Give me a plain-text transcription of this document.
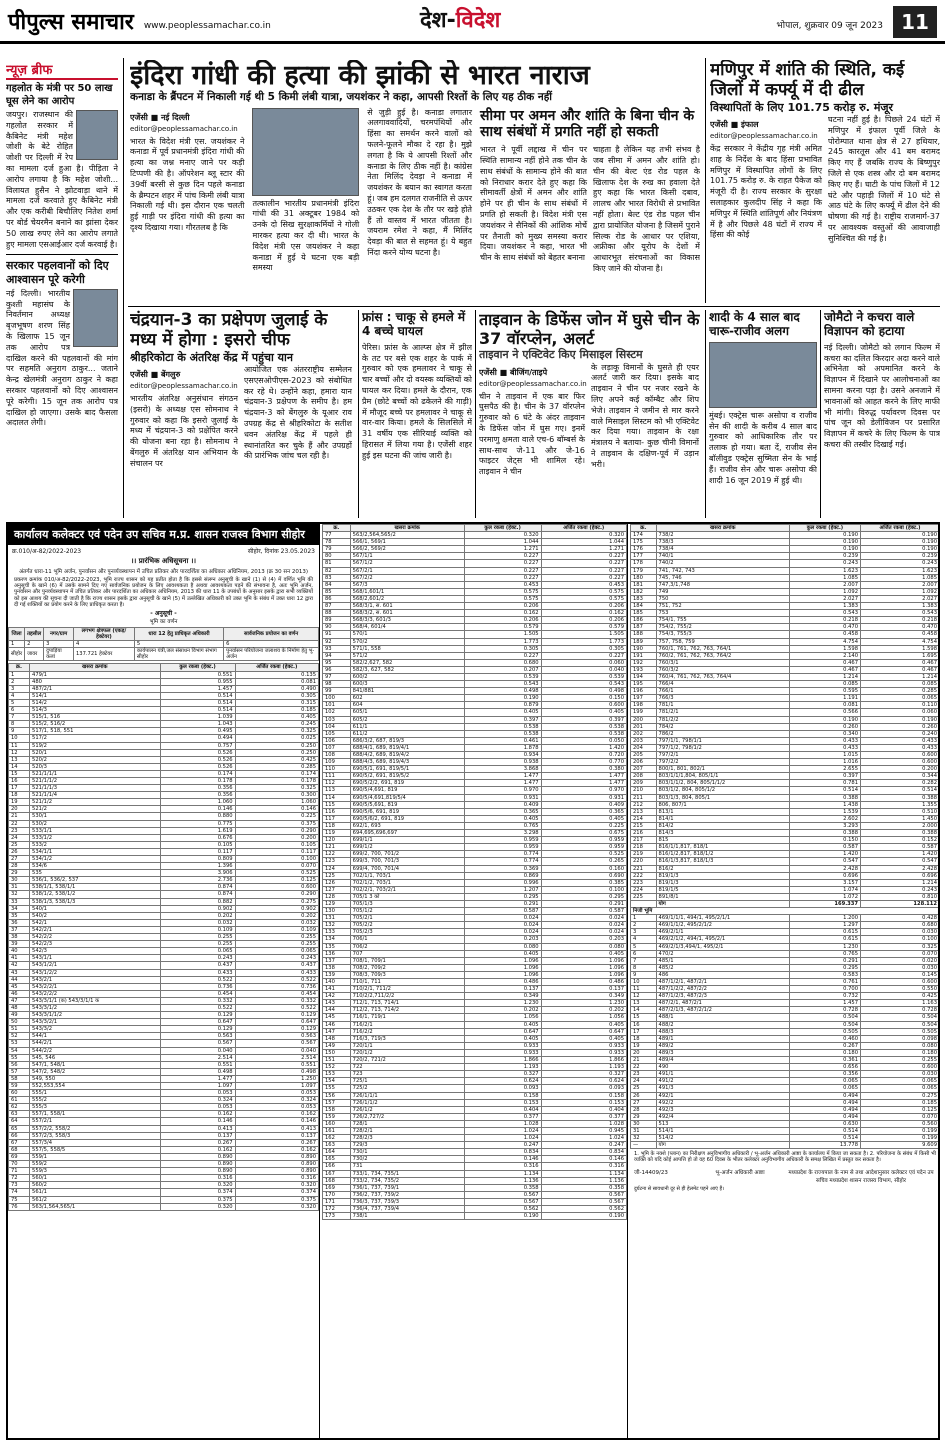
पीपुल्स समाचार www.peoplessamachar.co.in	देश-विदेश	भोपाल, शुक्रवार 09 जून 2023 11
न्यूज़ ब्रीफ
गहलोत के मंत्री पर 50 लाख घूस लेने का आरोप
जयपुर। राजस्थान की गहलोत सरकार में कैबिनेट मंत्री महेश जोशी के बेटे रोहित जोशी पर दिल्ली में रेप का मामला दर्ज हुआ है। पीड़िता ने आरोप लगाया है कि महेश जोशी... विलायत हुसैन ने झोटवाड़ा थाने में मामला दर्ज करवाते हुए कैबिनेट मंत्री और एक करीबी बिचौलिए नितेश शर्मा पर बोर्ड चेयरमैन बनाने का झांसा देकर 50 लाख रुपए लेने का आरोप लगाते हुए मामला एसआईआर दर्ज करवाई है।
सरकार पहलवानों को दिए आश्वासन पूरे करेगी
नई दिल्ली। भारतीय कुश्ती महासंघ के निवर्तमान अध्यक्ष बृजभूषण शरण सिंह के खिलाफ 15 जून तक आरोप पत्र दाखिल करने की पहलवानों की मांग पर सहमति अनुराग ठाकुर... जताने केन्द्र खेलमंत्री अनुराग ठाकुर ने कहा सरकार पहलवानों को दिए आश्वासन पूरे करेगी। 15 जून तक आरोप पत्र दाखिल हो जाएगा। उसके बाद फैसला अदालत लेगी।
इंदिरा गांधी की हत्या की झांकी से भारत नाराज
कनाडा के ब्रैंपटन में निकाली गई थी 5 किमी लंबी यात्रा, जयशंकर ने कहा, आपसी रिश्तों के लिए यह ठीक नहीं
एजेंसी ■ नई दिल्ली
editor@peoplessamachar.co.in
भारत के विदेश मंत्री एस. जयशंकर ने कनाडा में पूर्व प्रधानमंत्री इंदिरा गांधी की हत्या का जश्न मनाए जाने पर कड़ी टिप्पणी की है। ऑपरेशन ब्लू स्टार की 39वीं बरसी से कुछ दिन पहले कनाडा के ब्रैम्पटन शहर में पांच किमी लंबी यात्रा निकाली गई थी। इस दौरान एक चलती हुई गाड़ी पर इंदिरा गांधी की हत्या का दृश्य दिखाया गया। गौरतलब है कि
तत्कालीन भारतीय प्रधानमंत्री इंदिरा गांधी की 31 अक्टूबर 1984 को उनके दो सिख सुरक्षाकर्मियों ने गोली मारकर हत्या कर दी थी। भारत के विदेश मंत्री एस जयशंकर ने कहा कनाडा में हुई ये घटना एक बड़ी समस्या
से जुड़ी हुई है। कनाडा लगातार अलगाववादियों, चरमपंथियों और हिंसा का समर्थन करने वालों को फलने-फूलने मौका दे रहा है। मुझे लगता है कि ये आपसी रिश्तों और कनाडा के लिए ठीक नहीं है। कांग्रेस नेता मिलिंद देवड़ा ने कनाडा में जयशंकर के बयान का स्वागत करता हूं। जब हम दलगत राजनीति से ऊपर उठकर एक देश के तौर पर खड़े होते हैं तो वास्तव में भारत जीतता है। जयराम रमेश ने कहा, मैं मिलिंद देवड़ा की बात से सहमत हूं। ये बहुत निंदा करने योग्य घटना है।
सीमा पर अमन और शांति के बिना चीन के साथ संबंधों में प्रगति नहीं हो सकती
भारत ने पूर्वी लद्दाख में चीन पर स्थिति सामान्य नहीं होने तक चीन के साथ संबंधों के सामान्य होने की बात को निराधार करार देते हुए कहा कि सीमावर्ती क्षेत्रों में अमन और शांति होने पर ही चीन के साथ संबंधों में प्रगति हो सकती है। विदेश मंत्री एस जयशंकर ने सैनिकों की आंशिक मोर्चे पर तैनाती को मुख्य समस्या करार दिया। जयशंकर ने कहा, भारत भी चीन के साथ संबंधों को बेहतर बनाना
चाहता है लेकिन यह तभी संभव है जब सीमा में अमन और शांति हो। चीन की बेल्ट एंड रोड पहल के खिलाफ देश के रुख का हवाला देते हुए कहा कि भारत किसी दबाव, लालच और भारत विरोधी से प्रभावित नहीं होता। बेल्ट एंड रोड पहल चीन द्वारा प्रायोजित योजना है जिसमें पुराने सिल्क रोड के आधार पर एशिया, अफ्रीका और यूरोप के देशों में आधारभूत संरचनाओं का विकास किए जाने की योजना है।
मणिपुर में शांति की स्थिति, कई जिलों में कर्फ्यू में दी ढील
विस्थापितों के लिए 101.75 करोड़ रु. मंजूर
एजेंसी ■ इंफाल
editor@peoplessamachar.co.in
केंद्र सरकार ने केंद्रीय गृह मंत्री अमित शाह के निर्देश के बाद हिंसा प्रभावित मणिपुर में विस्थापित लोगों के लिए 101.75 करोड़ रु. के राहत पैकेज को मंजूरी दी है। राज्य सरकार के सुरक्षा सलाहकार कुलदीप सिंह ने कहा कि मणिपुर में स्थिति शांतिपूर्ण और नियंत्रण में है और पिछले 48 घंटों में राज्य में हिंसा की कोई
घटना नहीं हुई है। पिछले 24 घंटों में मणिपुर में इंफाल पूर्वी जिले के पोरोम्पात थाना क्षेत्र से 27 हथियार, 245 कारतूस और 41 बम बरामद किए गए हैं जबकि राज्य के बिष्णुपुर जिले से एक शस्त्र और दो बम बरामद किए गए हैं। घाटी के पांच जिलों में 12 घंटे और पहाड़ी जिलों में 10 घंटे से आठ घंटे के लिए कर्फ्यू में ढील देने की घोषणा की गई है। राष्ट्रीय राजमार्ग-37 पर आवश्यक वस्तुओं की आवाजाही सुनिश्चित की गई है।
चंद्रयान-3 का प्रक्षेपण जुलाई के मध्य में होगा : इसरो चीफ
श्रीहरिकोटा के अंतरिक्ष केंद्र में पहुंचा यान
एजेंसी ■ बेंगलुरु
editor@peoplessamachar.co.in
भारतीय अंतरिक्ष अनुसंधान संगठन (इसरो) के अध्यक्ष एस सोमनाथ ने गुरुवार को कहा कि इसरो जुलाई के मध्य में चंद्रयान-3 को प्रक्षेपित करने की योजना बना रहा है। सोमनाथ ने बेंगलुरु में अंतरिक्ष यान अभियान के संचालन पर
आयोजित एक अंतरराष्ट्रीय सम्मेलन एसएसओपीएस-2023 को संबोधित कर रहे थे। उन्होंने कहा, हमारा यान चंद्रयान-3 प्रक्षेपण के समीप है। हम चंद्रयान-3 को बेंगलुरु के यूआर राव उपग्रह केंद्र से श्रीहरिकोटा के सतीश धवन अंतरिक्ष केंद्र में पहले ही स्थानांतरित कर चुके हैं और उपग्रहों की प्रारंभिक जांच चल रही है।
फ्रांस : चाकू से हमले में 4 बच्चे घायल
पेरिस। फ्रांस के आल्प्स क्षेत्र में झील के तट पर बसे एक शहर के पार्क में गुरुवार को एक हमलावर ने चाकू से चार बच्चों और दो वयस्क व्यक्तियों को घायल कर दिया। हमले के दौरान, एक प्रैम (छोटे बच्चों को ढकेलने की गाड़ी) में मौजूद बच्चे पर हमलावर ने चाकू से वार-वार किया। हमले के सिलसिले में 31 वर्षीय एक सीरियाई व्यक्ति को हिरासत में लिया गया है। एजेंसी शहर हुई इस घटना की जांच जारी है।
ताइवान के डिफेंस जोन में घुसे चीन के 37 वॉरप्लेन, अलर्ट
ताइवान ने एक्टिवेट किए मिसाइल सिस्टम
एजेंसी ■ बीजिंग/ताइपे
editor@peoplessamachar.co.in
चीन ने ताइवान में एक बार फिर घुसपैठ की है। चीन के 37 वॉरप्लेन गुरुवार को 6 घंटे के अंदर ताइवान के डिफेंस जोन में घुस गए। इनमें परमाणु क्षमता वाले एच-6 बॉम्बर्स के साथ-साथ जे-11 और जे-16 फाइटर जेट्स भी शामिल रहे। ताइवान ने चीन
के लड़ाकू विमानों के घुसते ही एयर अलर्ट जारी कर दिया। इसके बाद ताइवान ने चीन पर नजर रखने के लिए अपने कई कॉम्बैट और शिप भेजे। ताइवान ने जमीन से मार करने वाले मिसाइल सिस्टम को भी एक्टिवेट कर दिया गया। ताइवान के रक्षा मंत्रालय ने बताया- कुछ चीनी विमानों ने ताइवान के दक्षिण-पूर्व में उड़ान भरी।
शादी के 4 साल बाद चारू-राजीव अलग
मुंबई। एक्ट्रेस चारू असोपा व राजीव सेन की शादी के करीब 4 साल बाद गुरुवार को आधिकारिक तौर पर तलाक हो गया। बता दें, राजीव सेन बॉलीवुड एक्ट्रेस सुष्मिता सेन के भाई हैं। राजीव सेन और चारू असोपा की शादी 16 जून 2019 में हुई थी।
जोमैटो ने कचरा वाले विज्ञापन को हटाया
नई दिल्ली। जोमैटो को लगान फिल्म में कचरा का दलित किरदार अदा करने वाले अभिनेता को अपमानित करने के विज्ञापन में दिखाने पर आलोचनाओं का सामना करना पड़ा है। उसने अनजाने में भावनाओं को आहत करने के लिए माफी भी मांगी। विरुद्ध पर्यावरण दिवस पर पांच जून को डेलीविजन पर प्रसारित विज्ञापन में कचरे के लिए फिल्म के पात्र कचरा की तस्वीर दिखाई गई।
कार्यालय कलेक्टर एवं पदेन उप सचिव म.प्र. शासन राजस्व विभाग सीहोर
क्र.010/अ-82/2022-2023	सीहोर, दिनांक 23.05.2023
।। प्रारंभिक अधिसूचना ।।
अंतर्गत धारा-11 भूमि अर्जन, पुनर्वासन और पुनर्व्यवस्थापन में उचित प्रतिकर और पारदर्शिता का अधिकार अधिनियम, 2013 (क्र 30 सन 2013)
प्रकरण क्रमांक 010/अ-82/2022-2023, भूमि राज्य शासन को यह प्रतीत होता है कि इससे संलग्न अनुसूची के खाने (1) से (4) में वर्णित भूमि की अनुसूची के खाने (6) में उसके सामने दिए गए सार्वजनिक प्रयोजन के लिए आवश्यकता है अथवा आवश्यकता पड़ने की संभावना है, अतः भूमि अर्जन, पुनर्वासन और पुनर्व्यवस्थापन में उचित प्रतिकर और पारदर्शिता का अधिकार अधिनियम, 2013 की धारा 11 के उपबंधों के अनुसार इसके द्वारा सभी व्यक्तियों को इस आशय की सूचना दी जाती है कि राज्य शासन इसके द्वारा अनुसूची के खाने (5) में उल्लेखित अधिकारी को उक्त भूमि के संबंध में उक्त धारा 12 द्वारा दी गई शक्तियों का प्रयोग करने के लिए प्राधिकृत करता है।
- अनुसूची -
भूमि का वर्णन
जिला	तहसील	नगर/ग्राम	लगभग क्षेत्रफल (एकड़/हेक्टेयर)	धारा 12 हेतु प्राधिकृत अधिकारी	सार्वजनिक प्रयोजन का वर्णन
1	2	3	4	5	6
सीहोर	जावर	दुपाड़िया कलां	137.721 हेक्टेयर	कार्यपालन यंत्री,जल संसाधन विभाग संभाग सीहोर	पुनर्वासन परियोजना जलाशय के निर्माण हेतु भू-अर्जन
क्र.	खसरा क्रमांक	कुल रकबा (हेक्ट.)	अर्जित रकबा (हेक्ट.)
1	479/1	0.551	0.135
2	480	0.955	0.081
3	487/2/1	1.457	0.490
4	514/1	0.514	0.305
5	514/2	0.514	0.315
6	514/3	0.514	0.185
7	515/1, 516	1.039	0.405
8	515/2, 516/2	1.043	0.245
9	517/1, 518, 551	0.495	0.325
10	517/2	0.494	0.025
11	519/2	0.757	0.250
12	520/1	0.526	0.250
13	520/2	0.526	0.425
14	520/3	0.526	0.285
15	521/1/1/1	0.174	0.174
16	521/1/1/2	0.178	0.178
17	521/1/1/3	0.356	0.325
18	521/1/1/4	0.356	0.300
19	521/1/2	1.060	1.060
20	521/2	0.146	0.146
21	530/1	0.880	0.225
22	530/2	0.775	0.375
23	533/1/1	1.619	0.290
24	533/1/2	0.676	0.200
25	533/2	0.105	0.105
26	534/1/1	0.117	0.117
27	534/1/2	0.809	0.100
28	534/6	1.396	0.070
29	535	3.906	0.525
30	536/1, 536/2, 537	2.736	0.125
31	538/1/1, 538/1/1	0.874	0.600
32	538/1/2, 538/1/2	0.874	0.290
33	538/1/3, 538/1/3	0.882	0.275
34	540/1	0.902	0.902
35	540/2	0.202	0.202
36	542/1	0.032	0.032
37	542/2/1	0.109	0.109
38	542/2/2	0.255	0.255
39	542/2/3	0.255	0.255
40	542/3	0.065	0.065
41	543/1/1	0.243	0.243
42	543/1/2/1	0.437	0.437
43	543/1/2/2	0.433	0.433
44	543/2/1	0.522	0.522
45	543/2/2/1	0.736	0.736
46	543/2/2/2	0.454	0.454
47	543/3/1/1 (क) 543/3/1/1 क	0.332	0.332
48	543/3/1/2	0.522	0.522
49	543/3/1/1/2	0.129	0.129
50	543/3/2/1	0.647	0.647
51	543/3/2	0.129	0.129
52	544/1	0.563	0.563
53	544/2/1	0.567	0.567
54	544/2/2	0.040	0.040
55	545, 546	2.514	2.514
56	547/1, 548/1	0.551	0.551
57	547/2, 548/2	0.498	0.498
58	549, 550	1.477	1.250
59	552,553,554	1.097	1.097
60	555/1	0.053	0.053
61	555/2	0.324	0.324
62	555/3	0.053	0.053
63	557/1, 558/1	0.162	0.162
64	557/2/1	0.146	0.146
65	557/2/2, 558/2	0.413	0.413
66	557/2/3, 558/3	0.137	0.137
67	557/3/4	0.267	0.267
68	557/5, 558/5	0.162	0.162
69	559/1	0.890	0.890
70	559/2	0.890	0.890
71	559/3	0.890	0.890
72	560/1	0.316	0.316
73	560/2	0.320	0.320
74	561/1	0.374	0.374
75	561/2	0.375	0.375
76	563/1,564,565/1	0.320	0.320
क्र.	खसरा क्रमांक	कुल रकबा (हेक्ट.)	अर्जित रकबा (हेक्ट.)
77	563/2,564,565/2	0.320	0.320
78	566/1, 569/1	1.044	1.044
79	566/2, 569/2	1.271	1.271
80	567/1/1	0.227	0.227
81	567/1/2	0.227	0.227
82	567/2/1	0.227	0.227
83	567/2/2	0.227	0.227
84	567/3	0.453	0.453
85	568/1,601/1	0.575	0.575
86	568/2,601/2	0.575	0.575
87	568/3/1, स. 601	0.206	0.206
88	568/3/2, स. 601	0.162	0.162
89	568/3/3, 601/3	0.206	0.206
90	568/4, 601/4	0.579	0.579
91	570/1	1.505	1.505
92	570/2	1.773	1.773
93	571/1, 558	0.305	0.305
94	571/2	0.227	0.227
95	582/2,627, 582	0.680	0.060
96	582/3, 627, 582	0.207	0.040
97	600/2	0.539	0.539
98	600/3	0.543	0.543
99	841/881	0.498	0.498
100	602	0.190	0.150
101	604	0.879	0.600
102	605/1	0.405	0.405
103	605/2	0.397	0.397
104	611/1	0.538	0.538
105	611/2	0.538	0.538
106	686/3/2, 687, 819/3	0.461	0.050
107	688/4/1, 689, 819/4/1	1.878	1.420
108	688/4/2, 689, 819/4/2	0.934	0.720
109	688/4/3, 689, 819/4/3	0.938	0.770
110	690/5/1, 691, 819/5/1	3.868	0.380
111	690/5/2, 691, 819/5/2	1.477	1.477
112	690/5/2/2, 691, 819	1.477	1.477
113	690/5/4,691, 819	0.970	0.970
114	690/5/4,691,819/5/4	0.931	0.931
115	690/5/5,691, 819	0.409	0.409
116	690/5/6, 691, 819	0.365	0.365
117	690/5/6/2, 691, 819	0.405	0.405
118	692/1, 693	0.765	0.225
119	694,695,696,697	3.298	0.675
120	699/1/1	0.959	0.959
121	699/1/2	0.959	0.959
122	699/2, 700, 701/2	0.774	0.525
123	699/3, 700, 701/3	0.774	0.265
124	699/4, 700, 701/4	0.369	0.160
125	702/1/1, 703/1	0.869	0.690
126	702/1/2, 703/1	0.996	0.385
127	702/2/1, 703/2/1	1.207	0.100
128	705/1 3 को	0.295	0.295
129	705/1/3	0.291	0.291
130	705/1/2	0.587	0.587
131	705/2/1	0.024	0.024
132	705/2/2	0.024	0.024
133	705/2/3	0.024	0.024
134	706/1	0.203	0.203
135	706/2	0.080	0.080
136	707	0.405	0.405
137	708/1, 709/1	1.096	1.096
138	708/2, 709/2	1.096	1.096
139	708/3, 709/3	1.096	1.096
140	710/1, 711	0.486	0.486
141	710/2/1, 711/2	0.137	0.137
142	710/2/2,711/2/2	0.349	0.349
143	712/1, 713, 714/1	1.230	1.230
144	712/2, 713, 714/2	0.202	0.202
145	716/1, 719/1	1.056	1.056
146	716/2/1	0.405	0.405
147	716/2/2	0.647	0.647
148	716/3, 719/3	0.405	0.405
149	720/1/1	0.933	0.933
150	720/1/2	0.933	0.933
151	720/2, 721/2	1.866	1.866
152	722	1.193	1.193
153	723	0.327	0.327
154	725/1	0.624	0.624
155	725/2	0.093	0.093
156	726/1/1/1	0.158	0.158
157	726/1/1/2	0.153	0.153
158	726/1/2	0.404	0.404
159	726/2,727/2	0.377	0.377
160	728/1	1.028	1.028
161	728/2/1	1.024	0.945
162	728/2/3	1.024	1.024
163	729/3	0.247	0.247
164	730/1	0.834	0.834
165	730/2	0.146	0.146
166	731	0.316	0.316
167	733/1, 734, 735/1	1.134	1.134
168	733/2, 734, 735/2	1.136	1.136
169	736/1, 737, 739/1	0.358	0.358
170	736/2, 737, 739/2	0.567	0.567
171	736/3, 737, 739/3	0.567	0.567
172	736/4, 737, 739/4	0.562	0.562
173	738/1	0.190	0.190
क्र.	खसरा क्रमांक	कुल रकबा (हेक्ट.)	अर्जित रकबा (हेक्ट.)
174	738/2	0.190	0.190
175	738/3	0.190	0.190
176	738/4	0.190	0.190
177	740/1	0.239	0.239
178	740/2	0.243	0.243
179	741, 742, 743	1.623	1.623
180	745, 746	1.085	1.085
181	747,3/1,748	2.007	2.007
182	749	1.092	1.092
183	750	2.027	2.027
184	751, 752	1.383	1.383
185	753	0.543	0.543
186	754/1, 755	0.218	0.218
187	754/2, 755/2	0.470	0.470
188	754/3, 755/3	0.458	0.458
189	757, 758, 759	4.754	4.754
190	760/1, 761, 762, 763, 764/1	1.598	1.598
191	760/2, 761, 762, 763, 764/2	2.140	1.695
192	760/3/1	0.467	0.467
193	760/3/2	0.467	0.467
194	760/4, 761, 762, 763, 764/4	1.214	1.214
195	766/4	0.085	0.085
196	766/1	0.595	0.285
197	766/3	1.191	0.065
198	781/1	0.081	0.110
199	781/2/1	0.566	0.060
200	781/2/2	0.190	0.190
201	784/2	0.260	0.260
202	786/2	0.340	0.240
203	797/1/1, 798/1/1	0.433	0.433
204	797/1/2, 798/1/2	0.433	0.433
205	797/2/1	1.015	0.600
206	797/2/2	1.016	0.600
207	800/1, 801, 802/1	2.655	0.200
208	803/1/1/1,804, 805/1/1	0.397	0.344
209	803/1/1/2, 804, 805/1/1/2	0.781	0.282
210	803/1/2, 804, 805/1/2	0.514	0.514
211	803/1/3, 804, 805/1	0.388	0.388
212	806, 807/1	1.438	1.355
213	813/1	1.539	0.510
214	814/1	2.602	1.450
215	814/2	3.293	2.000
216	814/3	0.388	0.388
217	815	0.150	0.152
218	816/1/1,817, 818/1	0.587	0.587
219	816/1/2,817, 818/1/2	1.420	1.420
220	816/1/3,817, 818/1/3	0.547	0.547
221	816/2	2.428	2.428
222	819/1/3	0.696	0.696
223	819/1/3	3.157	1.214
224	819/1/5	1.074	0.243
225	891/8/1	1.072	0.810
	योग	169.337	128.112
निजी भूमि			
1	469/1/1/1, 494/1, 495/2/1/1	1.200	0.428
2	469/1/1/2, 495/2/1/2	1.297	0.680
3	469/2/1/1	0.615	0.030
4	469/2/1/2, 494/1, 495/2/1	0.615	0.100
5	469/2/1/3,494/1, 495/2/1	1.230	0.325
6	470/2	0.765	0.070
7	485/1	0.291	0.020
8	485/2	0.295	0.030
9	486	0.583	0.145
10	487/1/2/1, 487/2/1	0.761	0.600
11	487/1/2/2, 487/2/2	0.700	0.550
12	487/1/2/3, 487/2/3	0.732	0.425
13	487/2/1, 487/2/1	1.457	1.163
14	487/2/1/3, 487/2/1/2	0.728	0.728
15	488/1	0.504	0.504
16	488/2	0.504	0.504
17	488/3	0.505	0.505
18	489/1	0.460	0.098
19	489/2	0.267	0.080
20	489/3	0.180	0.180
21	489/4	0.361	0.255
22	490	0.656	0.600
23	491/1	0.356	0.030
24	491/2	0.065	0.065
25	491/3	0.065	0.065
26	492/1	0.494	0.275
27	492/2	0.494	0.185
28	492/3	0.494	0.125
29	492/4	0.494	0.070
30	513	0.630	0.560
31	514/1	0.514	0.199
32	514/2	0.514	0.199
—	योग	13.778	9.609
1. भूमि के नक्शे (प्लान) का निरीक्षण अनुविभागीय अधिकारी / भू-अर्जन अधिकारी आष्टा के कार्यालय में किया जा सकता है। 2. परियोजना के संबंध में किसी भी व्यक्ति को यदि कोई आपत्ति हो तो वह 60 दिवस के भीतर कलेक्टर अनुविभागीय अधिकारी के समक्ष लिखित में प्रस्तुत कर सकता है।
जी-14409/23	भू-अर्जन अधिकारी आष्टा	मध्यप्रदेश के राज्यपाल के नाम से तथा आदेशानुसार कलेक्टर एवं पदेन उप सचिव मध्यप्रदेश शासन राजस्व विभाग, सीहोर
दुर्घटना से सावधानी दूर से ही हेलमेट पहने आएं हैं।
